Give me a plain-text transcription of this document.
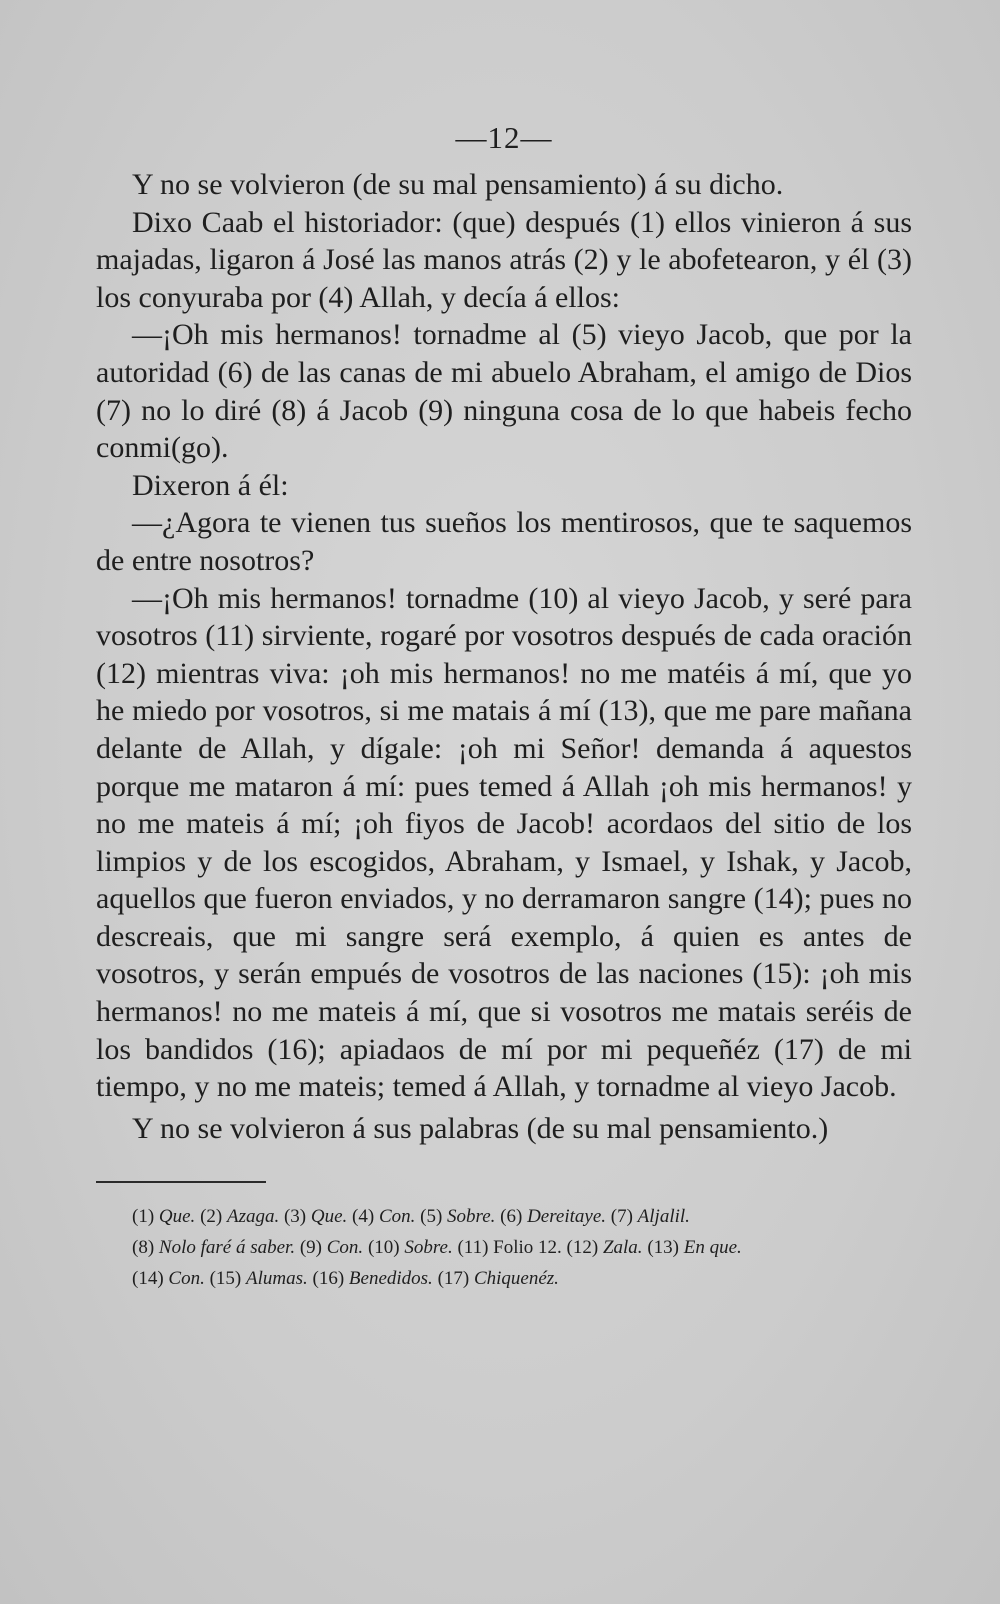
—12—

Y no se volvieron (de su mal pensamiento) á su dicho.

Dixo Caab el historiador: (que) después (1) ellos vinieron á sus majadas, ligaron á José las manos atrás (2) y le abofetearon, y él (3) los conyuraba por (4) Allah, y decía á ellos:

—¡Oh mis hermanos! tornadme al (5) vieyo Jacob, que por la autoridad (6) de las canas de mi abuelo Abraham, el amigo de Dios (7) no lo diré (8) á Jacob (9) ninguna cosa de lo que habeis fecho conmi(go).

Dixeron á él:

—¿Agora te vienen tus sueños los mentirosos, que te saquemos de entre nosotros?

—¡Oh mis hermanos! tornadme (10) al vieyo Jacob, y seré para vosotros (11) sirviente, rogaré por vosotros después de cada oración (12) mientras viva: ¡oh mis hermanos! no me matéis á mí, que yo he miedo por vosotros, si me matais á mí (13), que me pare mañana delante de Allah, y dígale: ¡oh mi Señor! demanda á aquestos porque me mataron á mí: pues temed á Allah ¡oh mis hermanos! y no me mateis á mí; ¡oh fiyos de Jacob! acordaos del sitio de los limpios y de los escogidos, Abraham, y Ismael, y Ishak, y Jacob, aquellos que fueron enviados, y no derramaron sangre (14); pues no descreais, que mi sangre será exemplo, á quien es antes de vosotros, y serán empués de vosotros de las naciones (15): ¡oh mis hermanos! no me mateis á mí, que si vosotros me matais seréis de los bandidos (16); apiadaos de mí por mi pequeñéz (17) de mi tiempo, y no me mateis; temed á Allah, y tornadme al vieyo Jacob.

Y no se volvieron á sus palabras (de su mal pensamiento.)

(1) Que. (2) Azaga. (3) Que. (4) Con. (5) Sobre. (6) Dereitaye. (7) Aljalil.
(8) Nolo faré á saber. (9) Con. (10) Sobre. (11) Folio 12. (12) Zala. (13) En que.
(14) Con. (15) Alumas. (16) Benedidos. (17) Chiquenéz.
